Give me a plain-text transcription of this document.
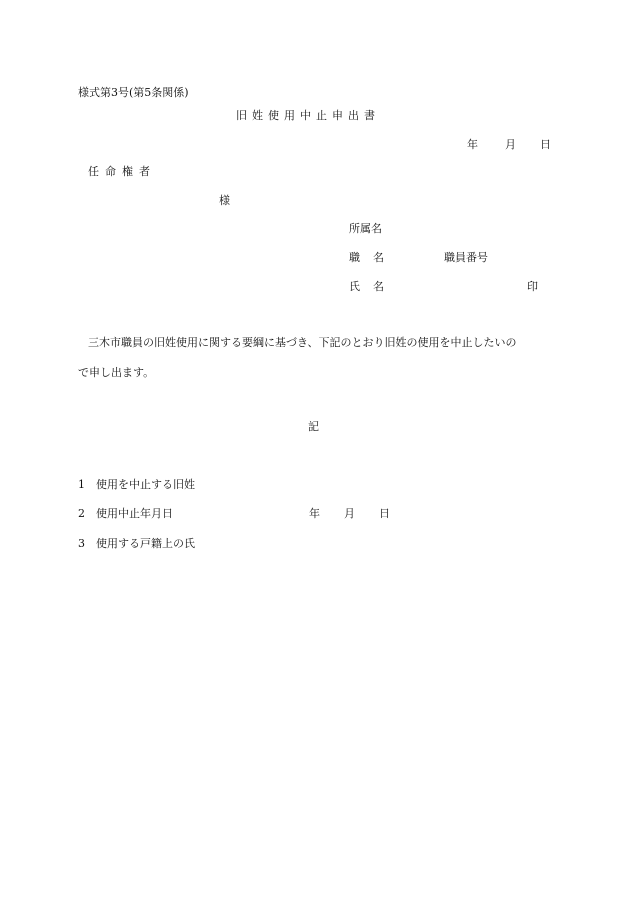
様式第3号(第5条関係)

旧姓使用中止申出書

年 月 日

任命権者

様
所属名
職名	職員番号
氏名	印

三木市職員の旧姓使用に関する要綱に基づき、下記のとおり旧姓の使用を中止したいの

で申し出ます。

記

1 使用を中止する旧姓
2 使用中止年月日	年 月 日
3 使用する戸籍上の氏
